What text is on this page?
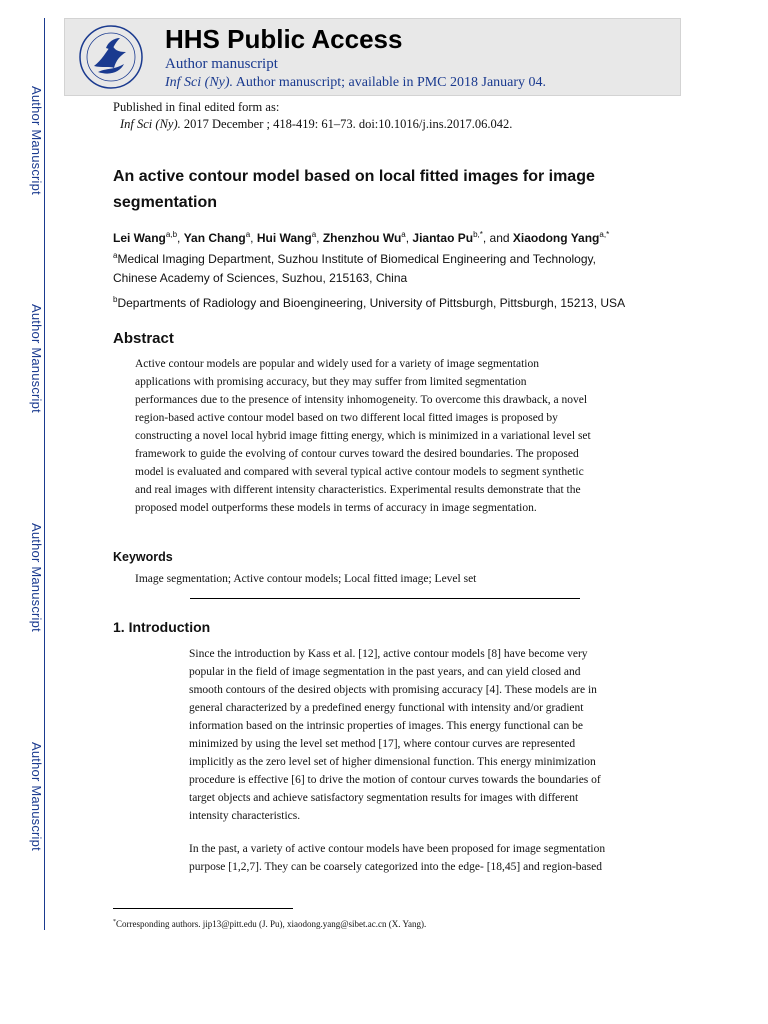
Author Manuscript
Author Manuscript
Author Manuscript
Author Manuscript
HHS Public Access
Author manuscript
Inf Sci (Ny). Author manuscript; available in PMC 2018 January 04.
Published in final edited form as:
Inf Sci (Ny). 2017 December ; 418-419: 61–73. doi:10.1016/j.ins.2017.06.042.
An active contour model based on local fitted images for image segmentation
Lei Wang$^{a,b}$, Yan Chang$^a$, Hui Wang$^a$, Zhenzhou Wu$^a$, Jiantao $Pu^{b,*}$, and Xiaodong Yang$^{a,*}$
$^a$Medical Imaging Department, Suzhou Institute of Biomedical Engineering and Technology,
Chinese Academy of Sciences, Suzhou, 215163, China
$^b$Departments of Radiology and Bioengineering, University of Pittsburgh, Pittsburgh, 15213, USA
Abstract
Active contour models are popular and widely used for a variety of image segmentation
applications with promising accuracy, but they may suffer from limited segmentation
performances due to the presence of intensity inhomogeneity. To overcome this drawback, a novel
region-based active contour model based on two different local fitted images is proposed by
constructing a novel local hybrid image fitting energy, which is minimized in a variational level set
framework to guide the evolving of contour curves toward the desired boundaries. The proposed
model is evaluated and compared with several typical active contour models to segment synthetic
and real images with different intensity characteristics. Experimental results demonstrate that the
proposed model outperforms these models in terms of accuracy in image segmentation.
Keywords
Image segmentation; Active contour models; Local fitted image; Level set
1. Introduction
Since the introduction by Kass et al. [12], active contour models [8] have become very
popular in the field of image segmentation in the past years, and can yield closed and
smooth contours of the desired objects with promising accuracy [4]. These models are in
general characterized by a predefined energy functional with intensity and/or gradient
information based on the intrinsic properties of images. This energy functional can be
minimized by using the level set method [17], where contour curves are represented
implicitly as the zero level set of higher dimensional function. This energy minimization
procedure is effective [6] to drive the motion of contour curves towards the boundaries of
target objects and achieve satisfactory segmentation results for images with different
intensity characteristics.
In the past, a variety of active contour models have been proposed for image segmentation
purpose [1,2,7]. They can be coarsely categorized into the edge- [18,45] and region-based
*Corresponding authors. jip13@pitt.edu (J. Pu), xiaodong.yang@sibet.ac.cn (X. Yang).
